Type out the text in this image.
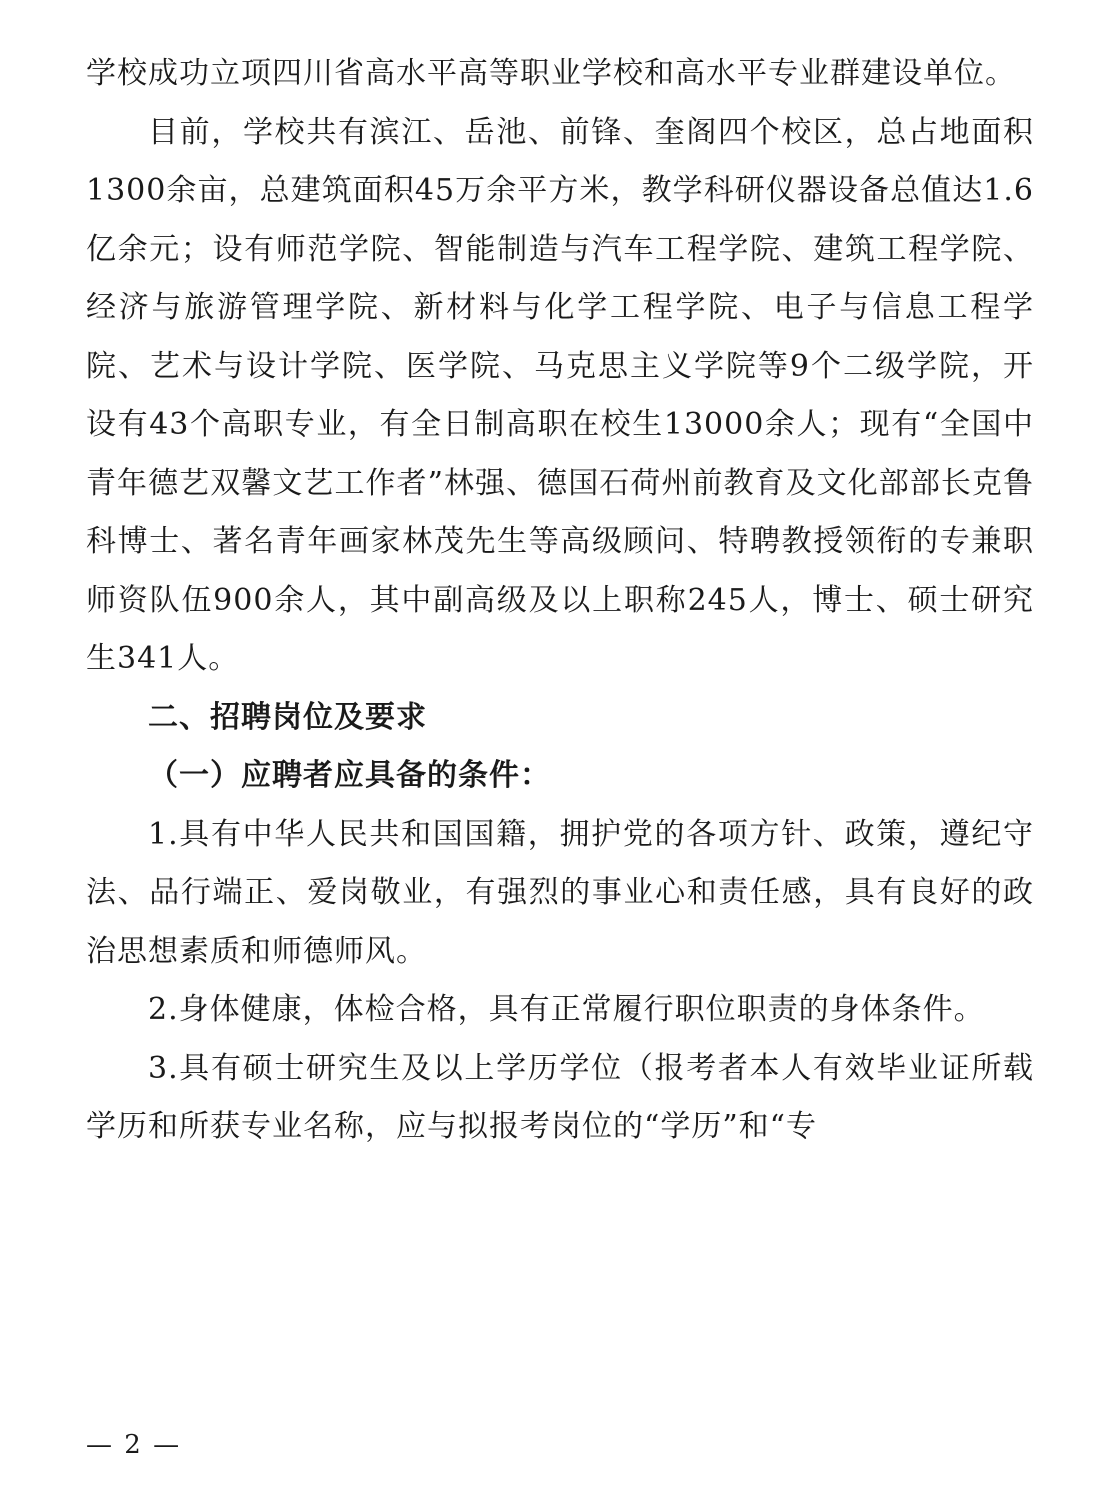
学校成功立项四川省高水平高等职业学校和高水平专业群建设单位。

目前，学校共有滨江、岳池、前锋、奎阁四个校区，总占地面积1300余亩，总建筑面积45万余平方米，教学科研仪器设备总值达1.6亿余元；设有师范学院、智能制造与汽车工程学院、建筑工程学院、经济与旅游管理学院、新材料与化学工程学院、电子与信息工程学院、艺术与设计学院、医学院、马克思主义学院等9个二级学院，开设有43个高职专业，有全日制高职在校生13000余人；现有“全国中青年德艺双馨文艺工作者”林强、德国石荷州前教育及文化部部长克鲁科博士、著名青年画家林茂先生等高级顾问、特聘教授领衔的专兼职师资队伍900余人，其中副高级及以上职称245人，博士、硕士研究生341人。

二、招聘岗位及要求

（一）应聘者应具备的条件：

1.具有中华人民共和国国籍，拥护党的各项方针、政策，遵纪守法、品行端正、爱岗敬业，有强烈的事业心和责任感，具有良好的政治思想素质和师德师风。

2.身体健康，体检合格，具有正常履行职位职责的身体条件。

3.具有硕士研究生及以上学历学位（报考者本人有效毕业证所载学历和所获专业名称，应与拟报考岗位的“学历”和“专

— 2 —
